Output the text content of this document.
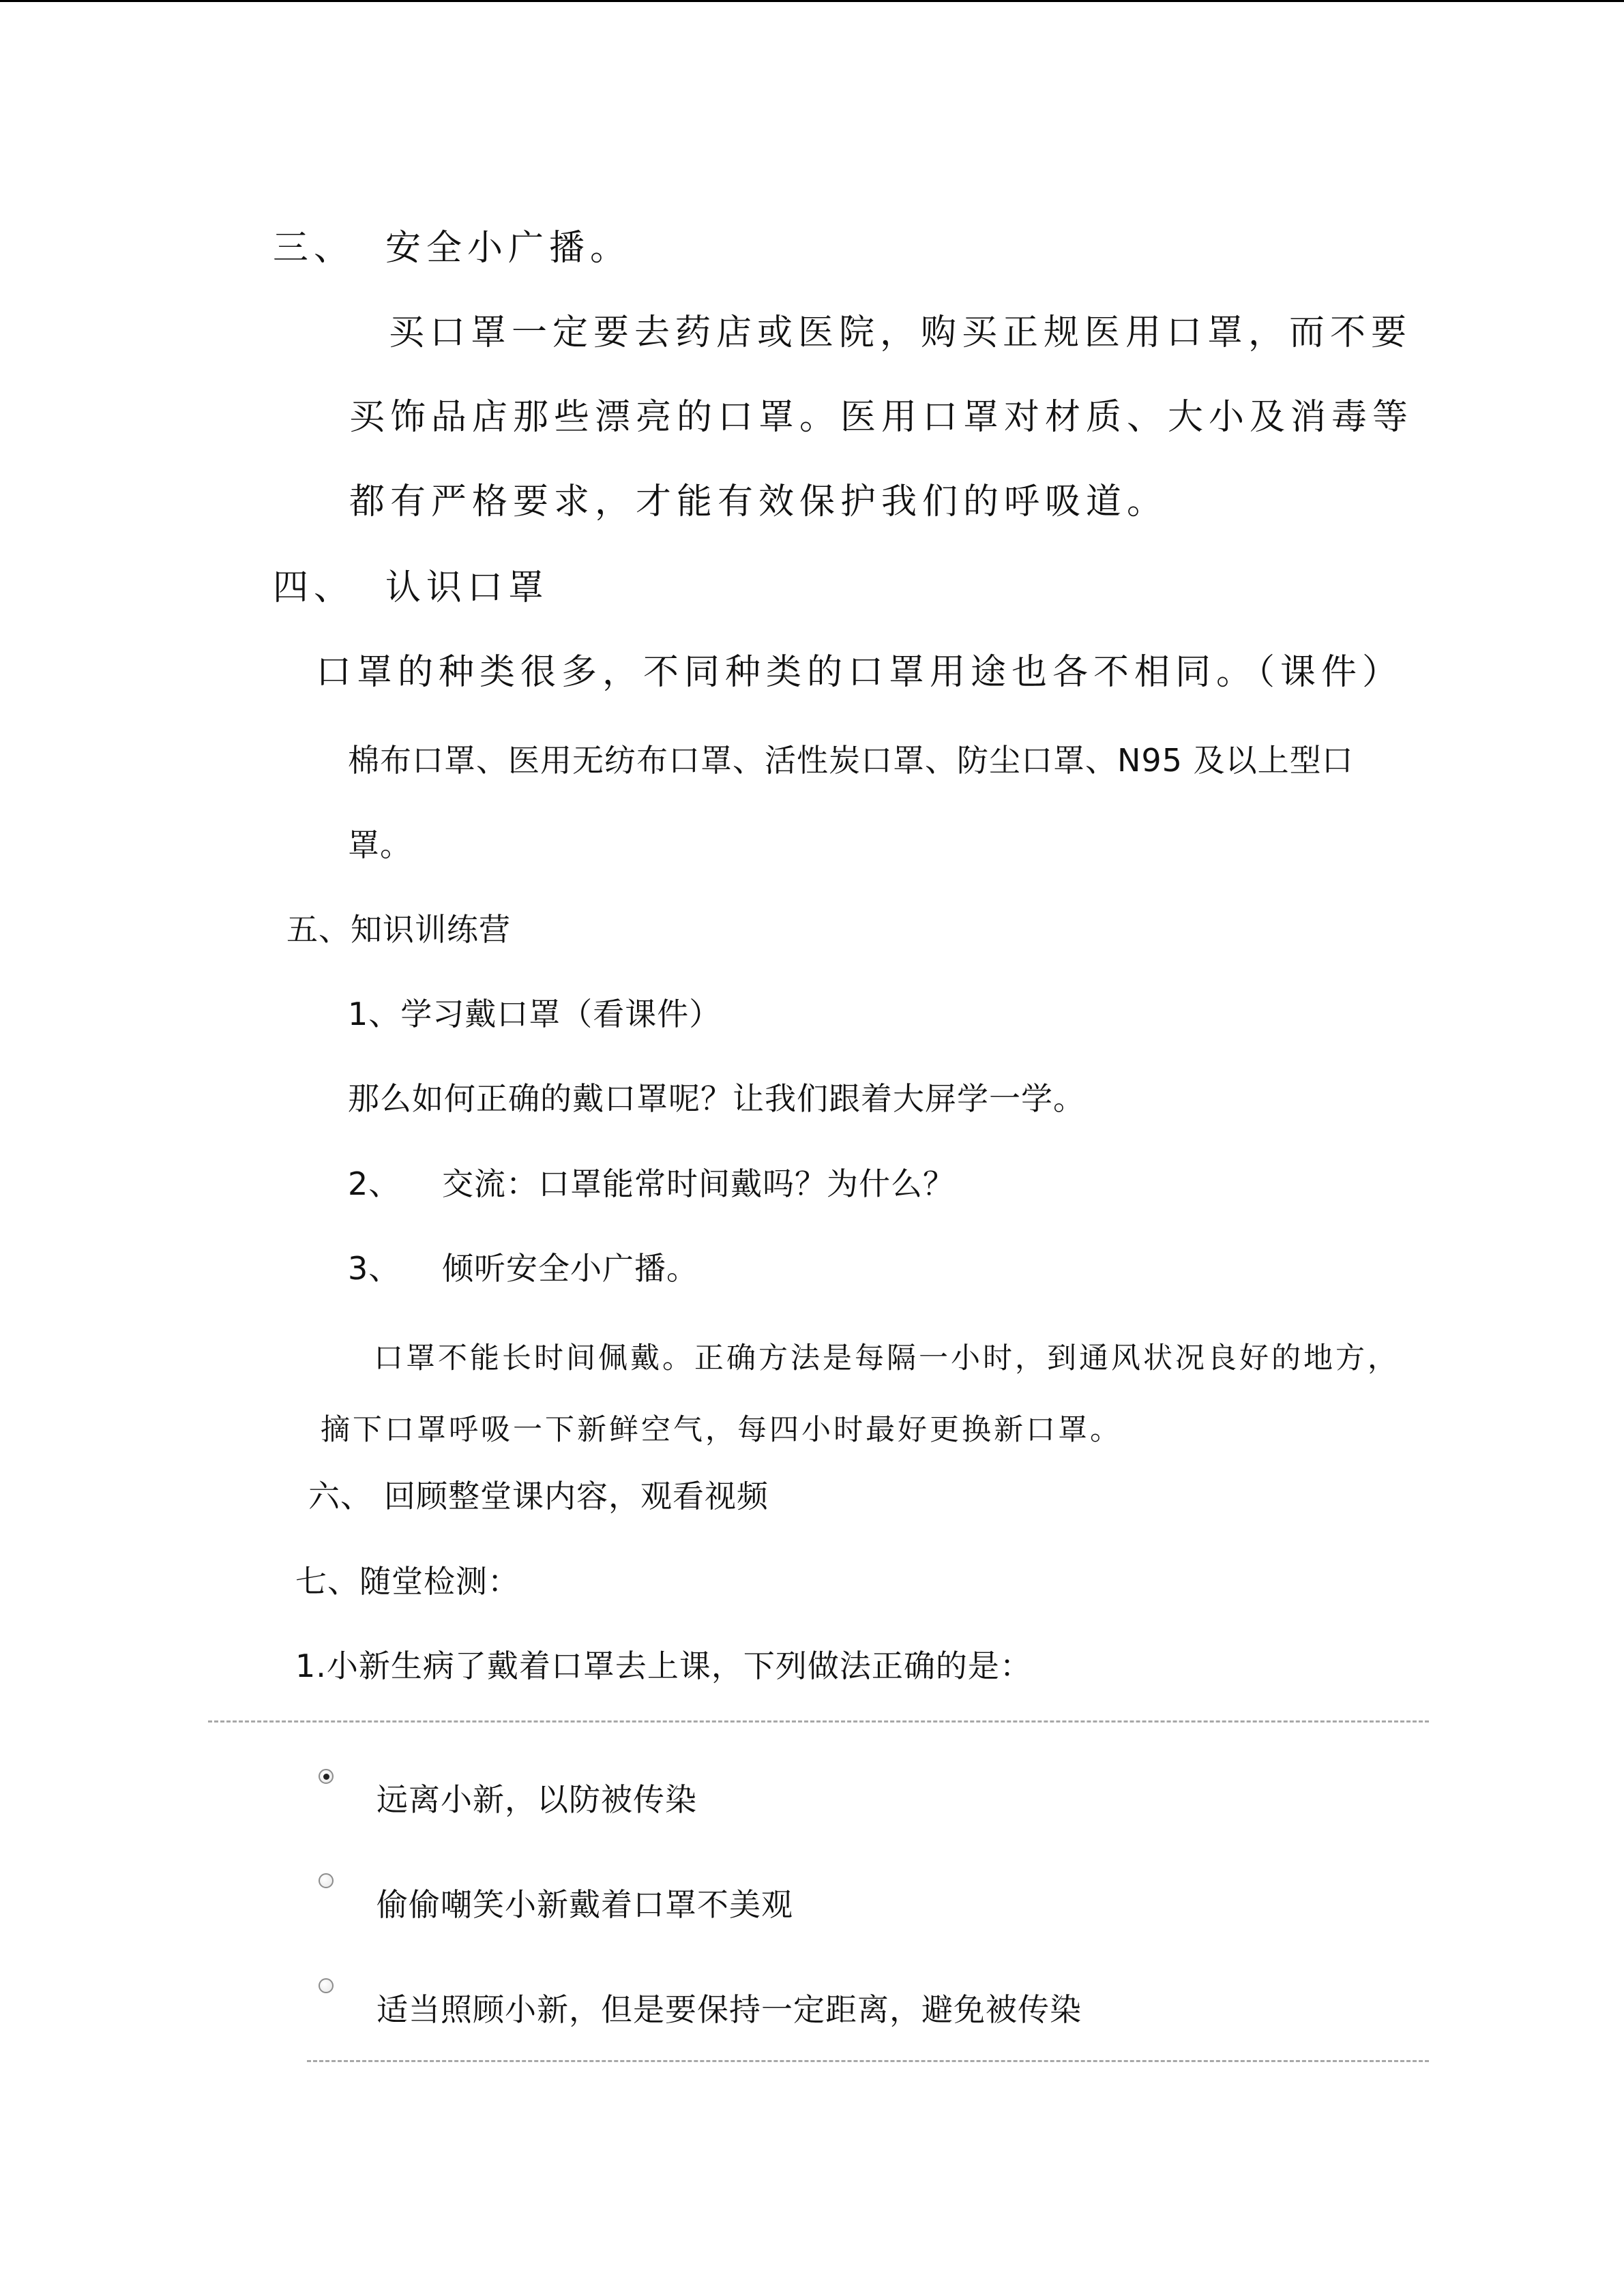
三、 安全小广播。
买口罩一定要去药店或医院，购买正规医用口罩，而不要
买饰品店那些漂亮的口罩。医用口罩对材质、大小及消毒等
都有严格要求，才能有效保护我们的呼吸道。
四、 认识口罩
口罩的种类很多，不同种类的口罩用途也各不相同。（课件）
棉布口罩、医用无纺布口罩、活性炭口罩、防尘口罩、N95 及以上型口
罩。
五、知识训练营
1、学习戴口罩（看课件）
那么如何正确的戴口罩呢？让我们跟着大屏学一学。
2、 交流：口罩能常时间戴吗？为什么？
3、 倾听安全小广播。
口罩不能长时间佩戴。正确方法是每隔一小时，到通风状况良好的地方，
摘下口罩呼吸一下新鲜空气，每四小时最好更换新口罩。
六、 回顾整堂课内容，观看视频
七、随堂检测：
1.小新生病了戴着口罩去上课，下列做法正确的是：
远离小新，以防被传染
偷偷嘲笑小新戴着口罩不美观
适当照顾小新，但是要保持一定距离，避免被传染
